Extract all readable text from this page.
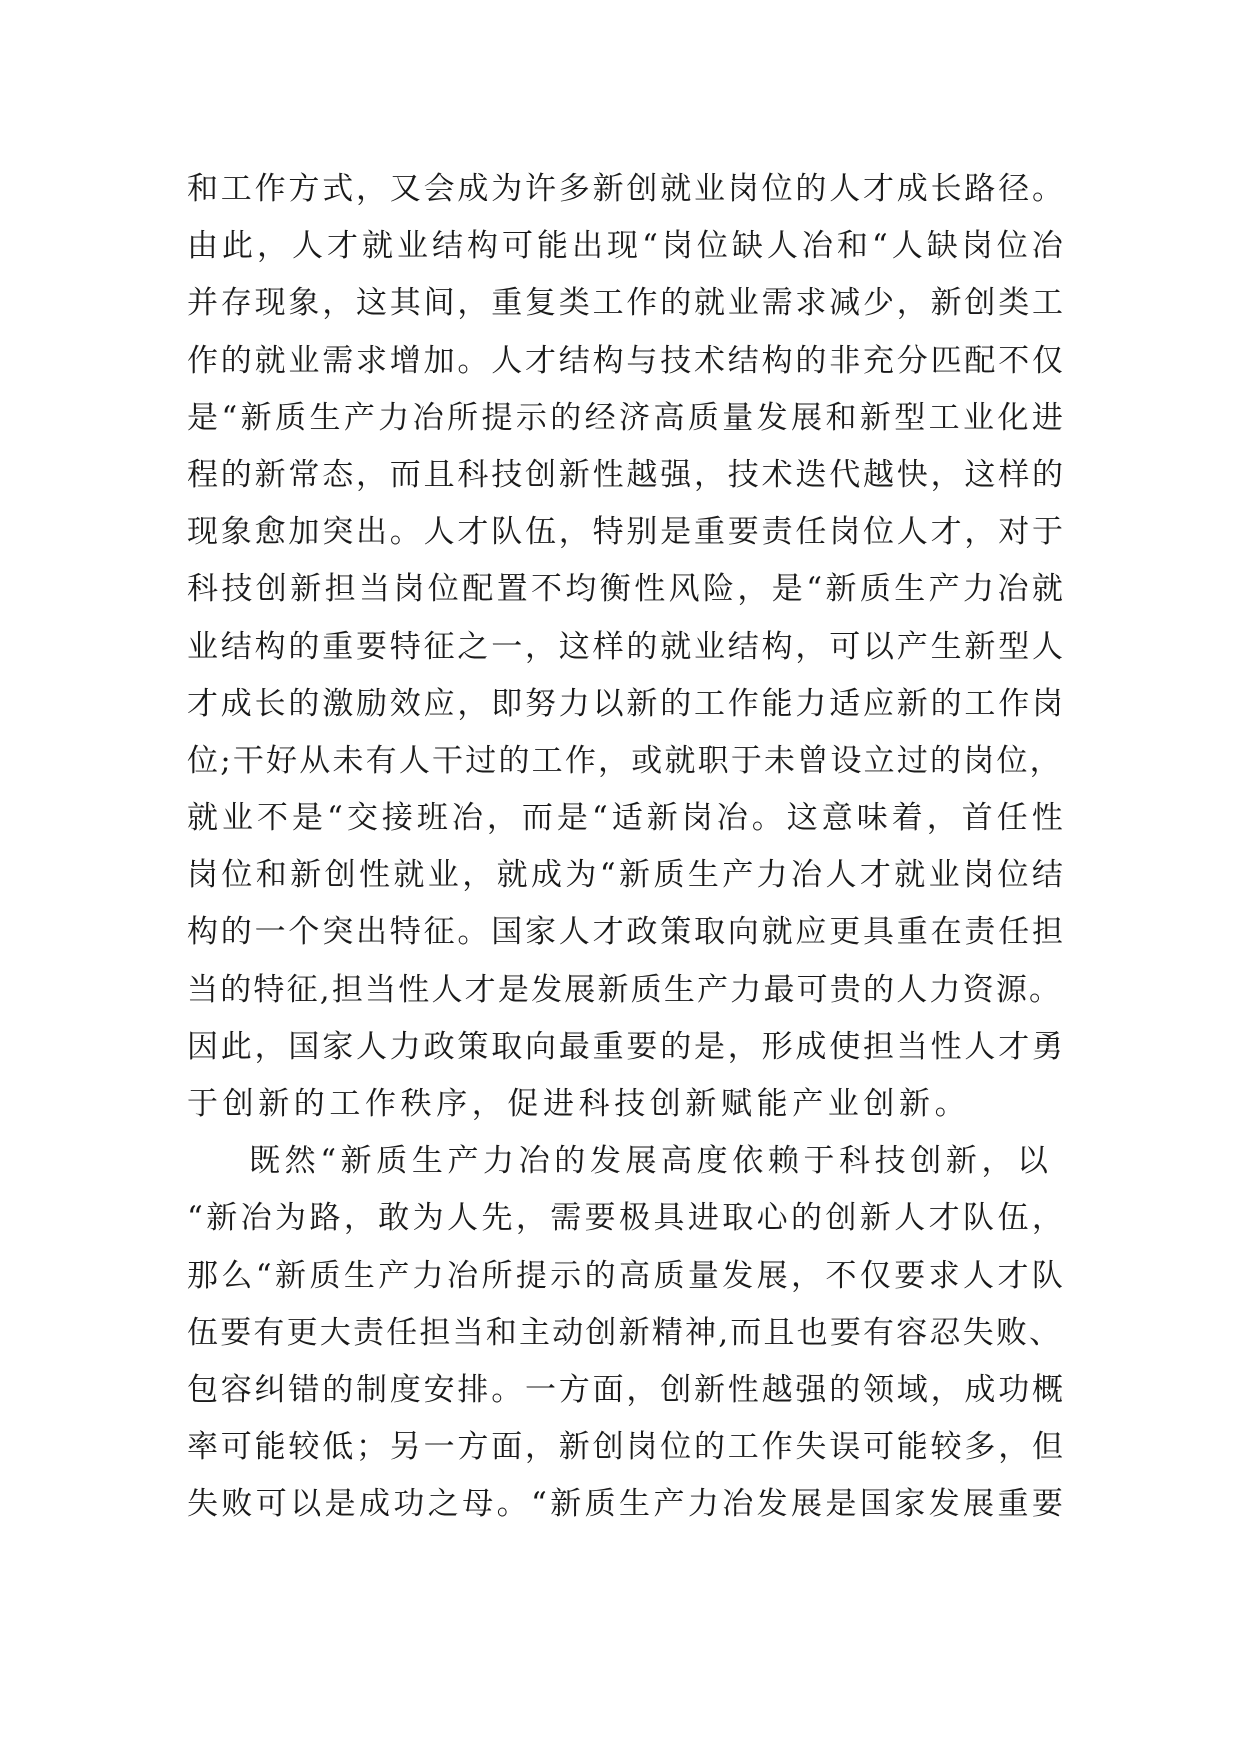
和工作方式，又会成为许多新创就业岗位的人才成长路径。
由此，人才就业结构可能出现“岗位缺人冶和“人缺岗位冶
并存现象，这其间，重复类工作的就业需求减少，新创类工
作的就业需求增加。人才结构与技术结构的非充分匹配不仅
是“新质生产力冶所提示的经济高质量发展和新型工业化进
程的新常态，而且科技创新性越强，技术迭代越快，这样的
现象愈加突出。人才队伍，特别是重要责任岗位人才，对于
科技创新担当岗位配置不均衡性风险，是“新质生产力冶就
业结构的重要特征之一，这样的就业结构，可以产生新型人
才成长的激励效应，即努力以新的工作能力适应新的工作岗
位;干好从未有人干过的工作，或就职于未曾设立过的岗位，
就业不是“交接班冶，而是“适新岗冶。这意味着，首任性
岗位和新创性就业，就成为“新质生产力冶人才就业岗位结
构的一个突出特征。国家人才政策取向就应更具重在责任担
当的特征,担当性人才是发展新质生产力最可贵的人力资源。
因此，国家人力政策取向最重要的是，形成使担当性人才勇
于创新的工作秩序，促进科技创新赋能产业创新。
既然“新质生产力冶的发展高度依赖于科技创新，以
“新冶为路，敢为人先，需要极具进取心的创新人才队伍，
那么“新质生产力冶所提示的高质量发展，不仅要求人才队
伍要有更大责任担当和主动创新精神,而且也要有容忍失败、
包容纠错的制度安排。一方面，创新性越强的领域，成功概
率可能较低；另一方面，新创岗位的工作失误可能较多，但
失败可以是成功之母。“新质生产力冶发展是国家发展重要
